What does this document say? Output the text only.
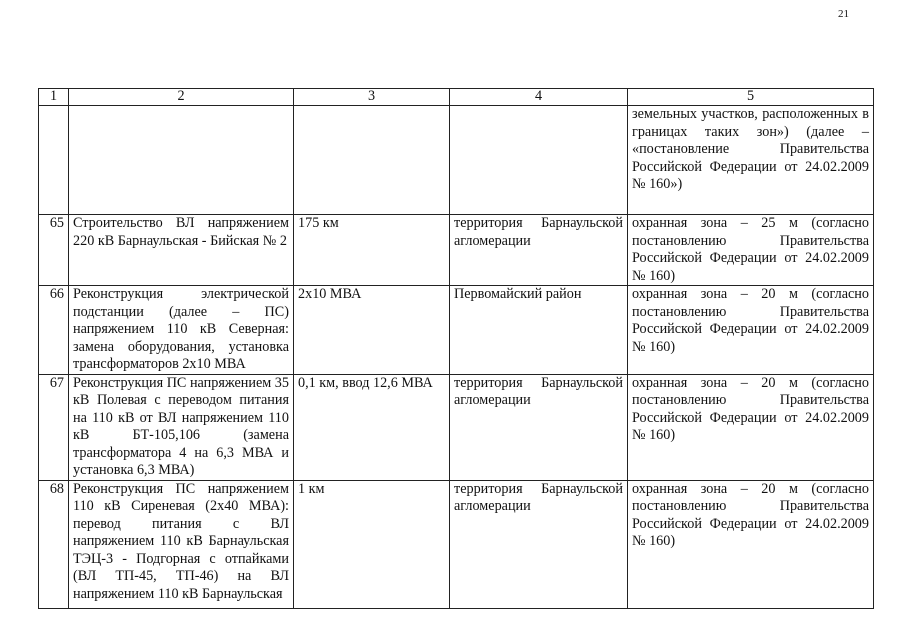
21
1	2	3	4	5
				земельных участков, расположенных в границах таких зон») (далее – «постановление Правительства Российской Федерации от 24.02.2009 № 160»)
65	Строительство ВЛ напряжением 220 кВ Барнаульская - Бийская № 2	175 км	территория Барнаульской агломерации	охранная зона – 25 м (согласно постановлению Правительства Российской Федерации от 24.02.2009 № 160)
66	Реконструкция электрической подстанции (далее – ПС) напряжением 110 кВ Северная: замена оборудования, установка трансформаторов 2х10 МВА	2х10 МВА	Первомайский район	охранная зона – 20 м (согласно постановлению Правительства Российской Федерации от 24.02.2009 № 160)
67	Реконструкция ПС напряжением 35 кВ Полевая с переводом питания на 110 кВ от ВЛ напряжением 110 кВ БТ-105,106 (замена трансформатора 4 на 6,3 МВА и установка 6,3 МВА)	0,1 км, ввод 12,6 МВА	территория Барнаульской агломерации	охранная зона – 20 м (согласно постановлению Правительства Российской Федерации от 24.02.2009 № 160)
68	Реконструкция ПС напряжением 110 кВ Сиреневая (2х40 МВА): перевод питания с ВЛ напряжением 110 кВ Барнаульская ТЭЦ-3 - Подгорная с отпайками (ВЛ ТП-45, ТП-46) на ВЛ напряжением 110 кВ Барнаульская	1 км	территория Барнаульской агломерации	охранная зона – 20 м (согласно постановлению Правительства Российской Федерации от 24.02.2009 № 160)
